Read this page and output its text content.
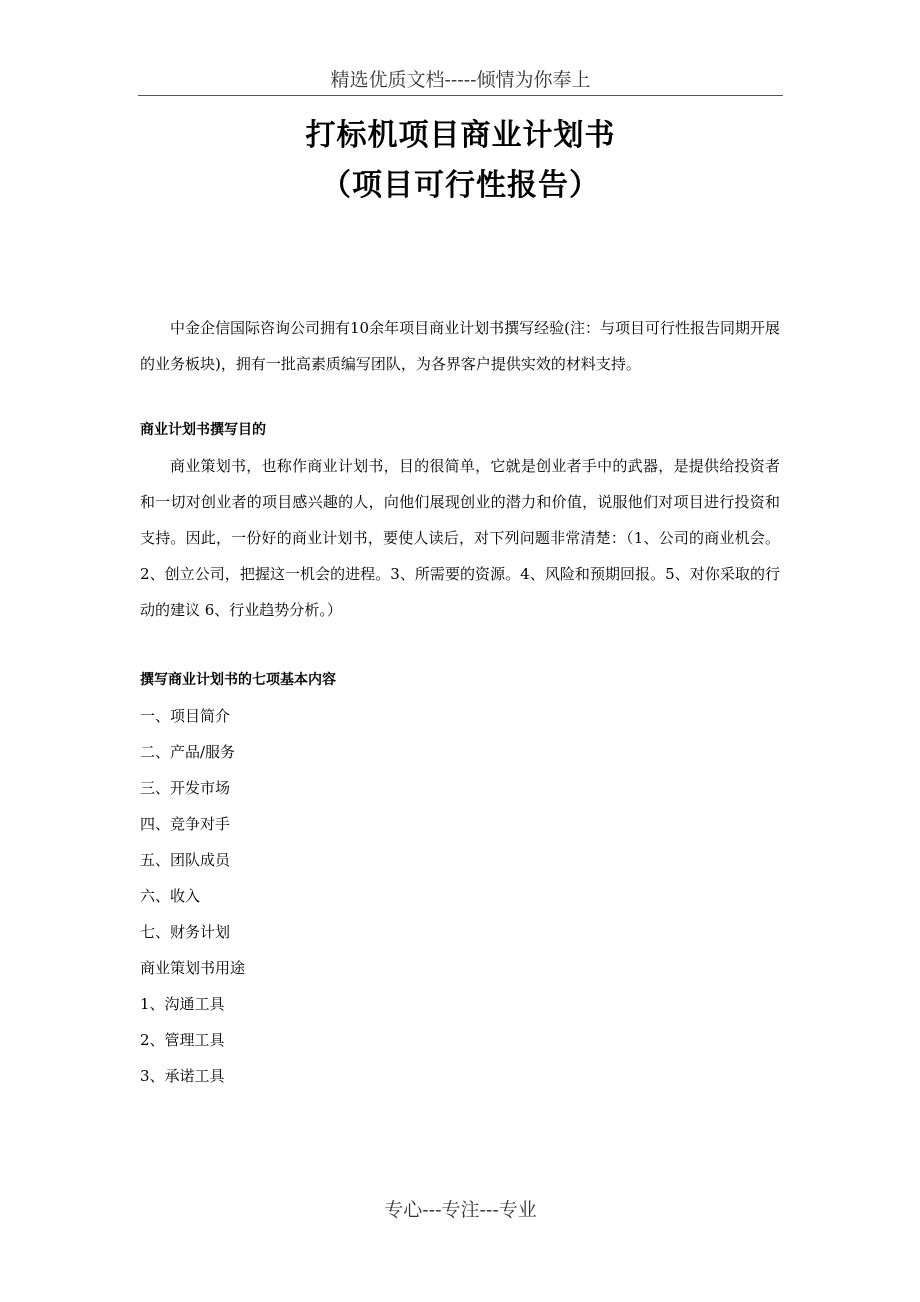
精选优质文档-----倾情为你奉上
打标机项目商业计划书
（项目可行性报告）

中金企信国际咨询公司拥有10余年项目商业计划书撰写经验(注：与项目可行性报告同期开展的业务板块)，拥有一批高素质编写团队，为各界客户提供实效的材料支持。

商业计划书撰写目的

商业策划书，也称作商业计划书，目的很简单，它就是创业者手中的武器，是提供给投资者和一切对创业者的项目感兴趣的人，向他们展现创业的潜力和价值，说服他们对项目进行投资和支持。因此，一份好的商业计划书，要使人读后，对下列问题非常清楚：（1、公司的商业机会。2、创立公司，把握这一机会的进程。3、所需要的资源。4、风险和预期回报。5、对你采取的行动的建议 6、行业趋势分析。）

撰写商业计划书的七项基本内容

一、项目简介

二、产品/服务

三、开发市场

四、竞争对手

五、团队成员

六、收入

七、财务计划

商业策划书用途

1、沟通工具

2、管理工具

3、承诺工具

专心---专注---专业
